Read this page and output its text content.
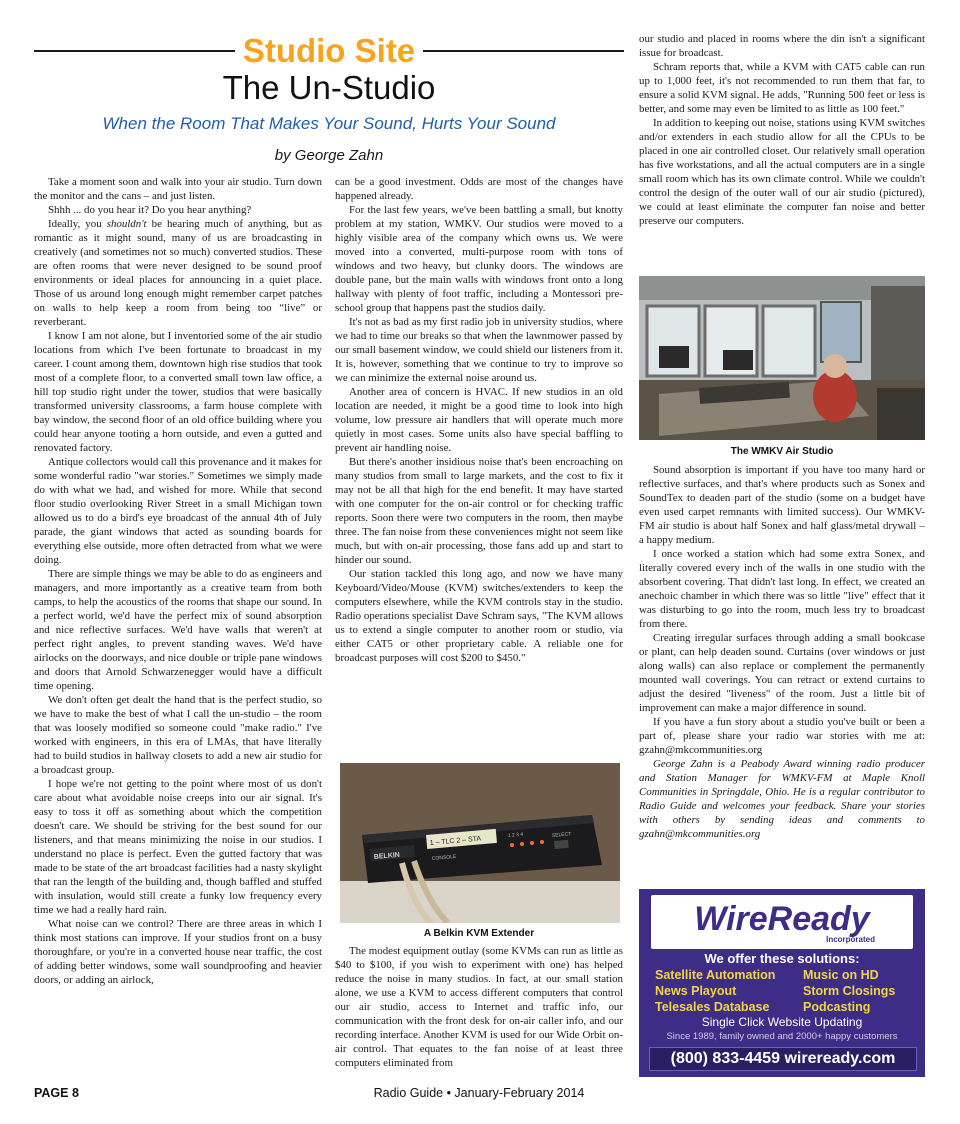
Studio Site
The Un-Studio
When the Room That Makes Your Sound, Hurts Your Sound
by George Zahn

Take a moment soon and walk into your air studio. Turn down the monitor and the cans – and just listen.

Shhh ... do you hear it? Do you hear anything?

Ideally, you shouldn't be hearing much of anything, but as romantic as it might sound, many of us are broadcasting in creatively (and sometimes not so much) converted studios. These are often rooms that were never designed to be sound proof environments or ideal places for announcing in a quiet place. Those of us around long enough might remember carpet patches on walls to help keep a room from being too “live” or reverberant.

I know I am not alone, but I inventoried some of the air studio locations from which I've been fortunate to broadcast in my career. I count among them, downtown high rise studios that took most of a complete floor, to a converted small town law office, a hill top studio right under the tower, studios that were basically transformed university classrooms, a farm house complete with bay window, the second floor of an old office building where you could hear anyone tooting a horn outside, and even a gutted and renovated factory.

Antique collectors would call this provenance and it makes for some wonderful radio "war stories." Sometimes we simply made do with what we had, and wished for more. While that second floor studio overlooking River Street in a small Michigan town allowed us to do a bird's eye broadcast of the annual 4th of July parade, the giant windows that acted as sounding boards for everything else outside, more often detracted from what we were doing.

There are simple things we may be able to do as engineers and managers, and more importantly as a creative team from both camps, to help the acoustics of the rooms that shape our sound. In a perfect world, we'd have the perfect mix of sound absorption and nice reflective surfaces. We'd have walls that weren't at perfect right angles, to prevent standing waves. We'd have airlocks on the doorways, and nice double or triple pane windows and doors that Arnold Schwarzenegger would have a difficult time opening.

We don't often get dealt the hand that is the perfect studio, so we have to make the best of what I call the un-studio – the room that was loosely modified so someone could "make radio." I've worked with engineers, in this era of LMAs, that have literally had to build studios in hallway closets to add a new air studio for a broadcast group.

I hope we're not getting to the point where most of us don't care about what avoidable noise creeps into our air signal. It's easy to toss it off as something about which the competition doesn't care. We should be striving for the best sound for our listeners, and that means minimizing the noise in our studios. I understand no place is perfect. Even the gutted factory that was made to be state of the art broadcast facilities had a nasty skylight that ran the length of the building and, though baffled and stuffed with insulation, would still create a funky low frequency every time we had a really hard rain.

What noise can we control? There are three areas in which I think most stations can improve. If your studios front on a busy thoroughfare, or you're in a converted house near traffic, the cost of adding better windows, some wall soundproofing and heavier doors, or adding an airlock,

can be a good investment. Odds are most of the changes have happened already.

For the last few years, we've been battling a small, but knotty problem at my station, WMKV. Our studios were moved to a highly visible area of the company which owns us. We were moved into a converted, multi-purpose room with tons of windows and two heavy, but clunky doors. The windows are double pane, but the main walls with windows front onto a long hallway with plenty of foot traffic, including a Montessori pre-school group that happens past the studios daily.

It's not as bad as my first radio job in university studios, where we had to time our breaks so that when the lawnmower passed by our small basement window, we could shield our listeners from it. It is, however, something that we continue to try to improve so we can minimize the external noise around us.

Another area of concern is HVAC. If new studios in an old location are needed, it might be a good time to look into high volume, low pressure air handlers that will operate much more quietly in most cases. Some units also have special baffling to prevent air handling noise.

But there's another insidious noise that's been encroaching on many studios from small to large markets, and the cost to fix it may not be all that high for the end benefit. It may have started with one computer for the on-air control or for checking traffic reports. Soon there were two computers in the room, then maybe three. The fan noise from these conveniences might not seem like much, but with on-air processing, those fans add up and start to hinder our sound.

Our station tackled this long ago, and now we have many Keyboard/Video/Mouse (KVM) switches/extenders to keep the computers elsewhere, while the KVM controls stay in the studio. Radio operations specialist Dave Schram says, "The KVM allows us to extend a single computer to another room or studio, via either CAT5 or other proprietary cable. A reliable one for broadcast purposes will cost $200 to $450."

BELKIN
1 – TLC 2 – STA
CONSOLE
1 2 3 4	SELECT
A Belkin KVM Extender

The modest equipment outlay (some KVMs can run as little as $40 to $100, if you wish to experiment with one) has helped reduce the noise in many studios. In fact, at our small station alone, we use a KVM to access different computers that control our air studio, access to Internet and traffic info, our communication with the front desk for on-air caller info, and our recording interface. Another KVM is used for our Wide Orbit on-air control. That equates to the fan noise of at least three computers eliminated from

our studio and placed in rooms where the din isn't a significant issue for broadcast.

Schram reports that, while a KVM with CAT5 cable can run up to 1,000 feet, it's not recommended to run them that far, to ensure a solid KVM signal. He adds, "Running 500 feet or less is better, and some may even be limited to as little as 100 feet."

In addition to keeping out noise, stations using KVM switches and/or extenders in each studio allow for all the CPUs to be placed in one air controlled closet. Our relatively small operation has five workstations, and all the actual computers are in a single small room which has its own climate control. While we couldn't control the design of the outer wall of our air studio (pictured), we could at least eliminate the computer fan noise and better preserve our computers.

The WMKV Air Studio

Sound absorption is important if you have too many hard or reflective surfaces, and that's where products such as Sonex and SoundTex to deaden part of the studio (some on a budget have even used carpet remnants with limited success). Our WMKV-FM air studio is about half Sonex and half glass/metal drywall – a happy medium.

I once worked a station which had some extra Sonex, and literally covered every inch of the walls in one studio with the absorbent covering. That didn't last long. In effect, we created an anechoic chamber in which there was so little "live" effect that it was disturbing to go into the room, much less try to broadcast from there.

Creating irregular surfaces through adding a small bookcase or plant, can help deaden sound. Curtains (over windows or just along walls) can also replace or complement the permanently mounted wall coverings. You can retract or extend curtains to adjust the desired "liveness" of the room. Just a little bit of improvement can make a major difference in sound.

If you have a fun story about a studio you've built or been a part of, please share your radio war stories with me at: gzahn@mkcommunities.org

George Zahn is a Peabody Award winning radio producer and Station Manager for WMKV-FM at Maple Knoll Communities in Springdale, Ohio. He is a regular contributor to Radio Guide and welcomes your feedback. Share your stories with others by sending ideas and comments to gzahn@mkcommunities.org

WireReady
Incorporated
We offer these solutions:
Satellite Automation	Music on HD
News Playout	Storm Closings
Telesales Database	Podcasting
Single Click Website Updating
Since 1989, family owned and 2000+ happy customers
(800) 833-4459 wireready.com
Radio Guide • January-February 2014
PAGE 8
